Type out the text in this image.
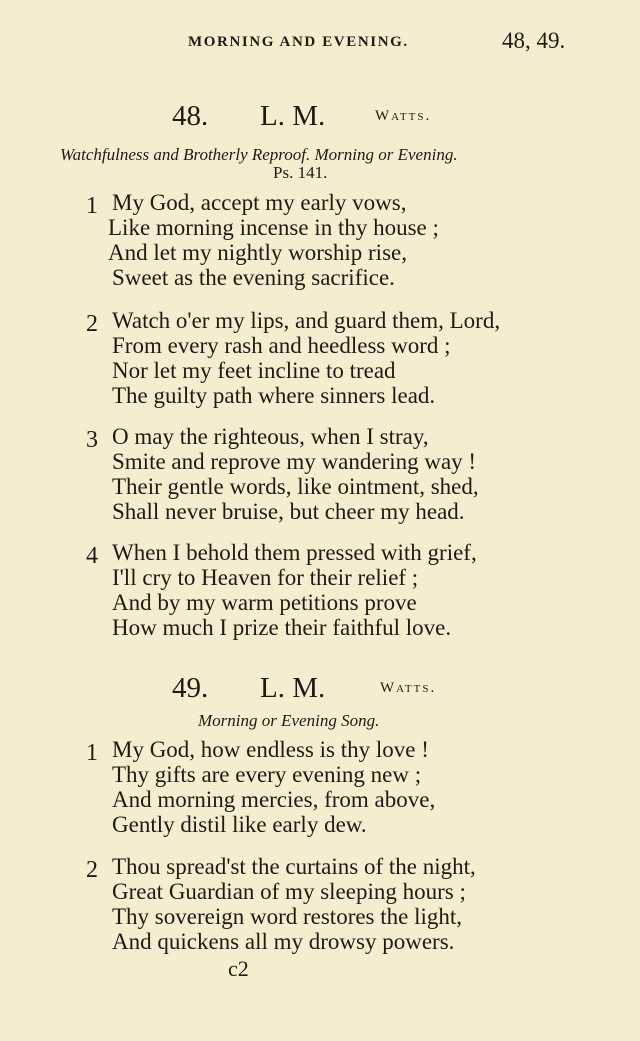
MORNING AND EVENING.	48, 49.
48. L. M.	Watts.
Watchfulness and Brotherly Reproof. Morning or Evening.
Ps. 141.
1 My God, accept my early vows,
Like morning incense in thy house ;
And let my nightly worship rise,
Sweet as the evening sacrifice.
2 Watch o'er my lips, and guard them, Lord,
From every rash and heedless word ;
Nor let my feet incline to tread
The guilty path where sinners lead.
3 O may the righteous, when I stray,
Smite and reprove my wandering way !
Their gentle words, like ointment, shed,
Shall never bruise, but cheer my head.
4 When I behold them pressed with grief,
I'll cry to Heaven for their relief ;
And by my warm petitions prove
How much I prize their faithful love.
49. L. M.	Watts.
Morning or Evening Song.
1 My God, how endless is thy love !
Thy gifts are every evening new ;
And morning mercies, from above,
Gently distil like early dew.
2 Thou spread'st the curtains of the night,
Great Guardian of my sleeping hours ;
Thy sovereign word restores the light,
And quickens all my drowsy powers.
c2
